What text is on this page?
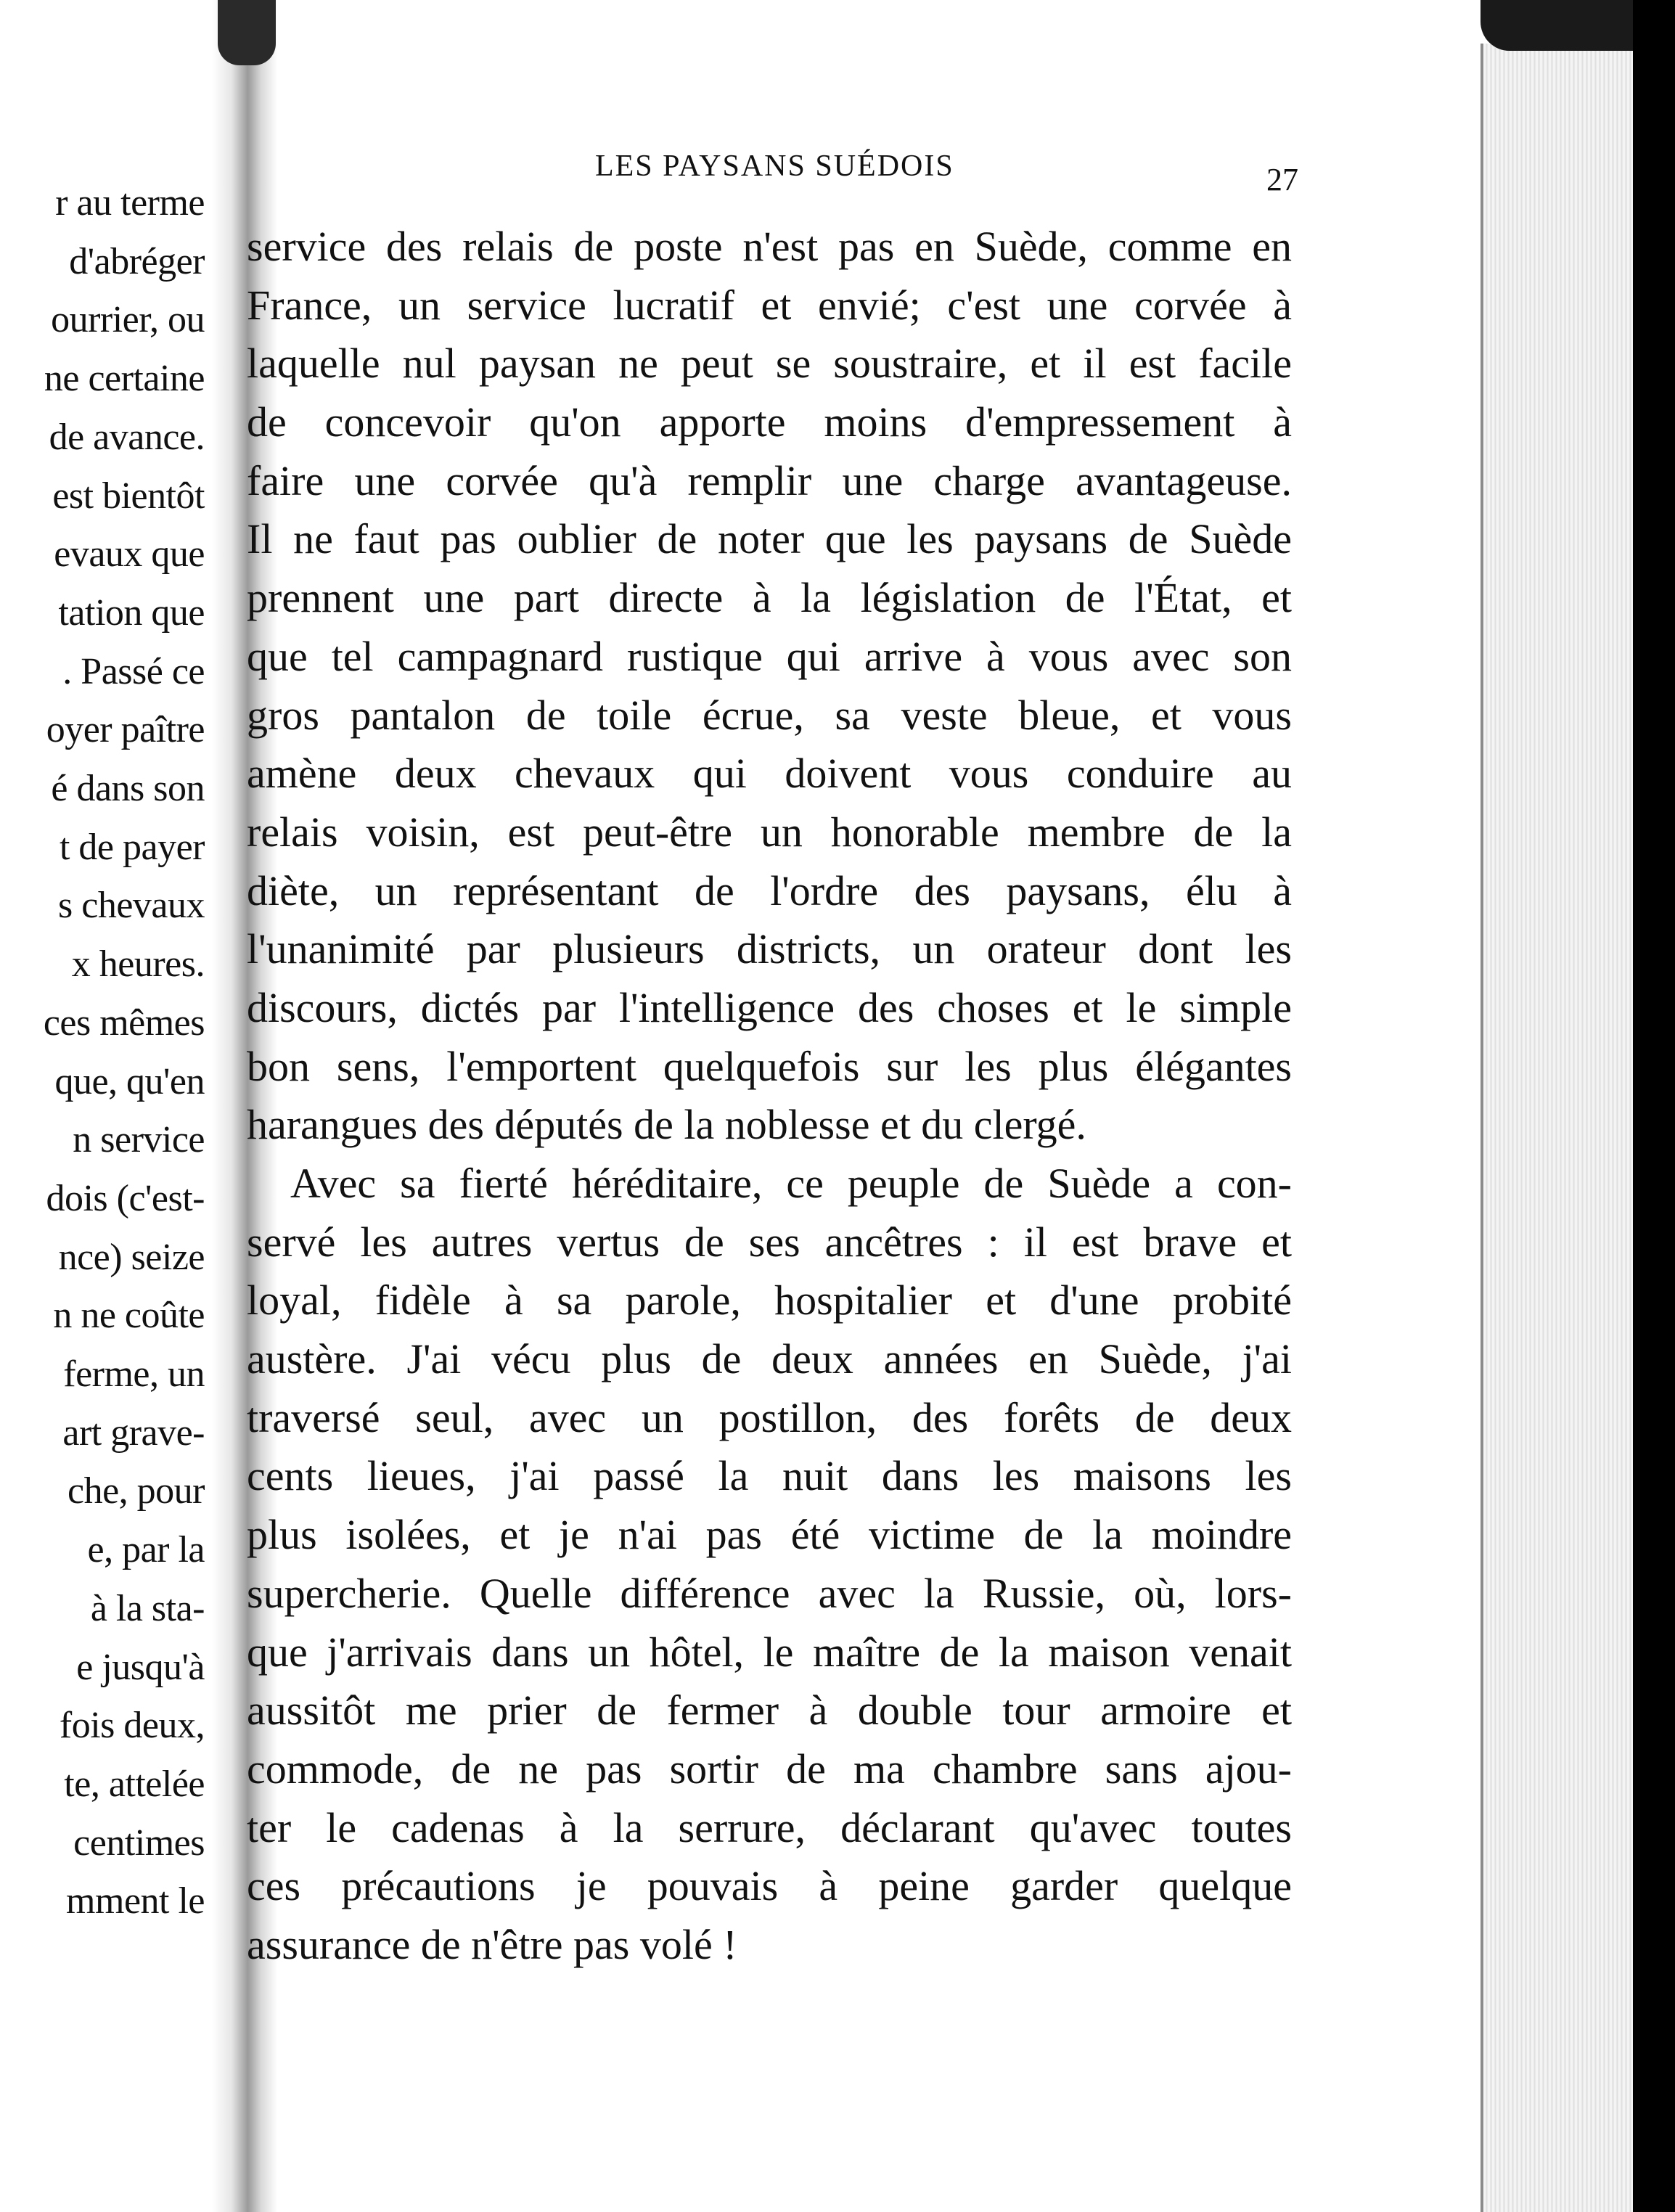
r au terme
d'abréger
ourrier, ou
ne certaine
de avance.
est bientôt
evaux que
tation que
. Passé ce
oyer paître
é dans son
t de payer
s chevaux
x heures.
ces mêmes
que, qu'en
n service
dois (c'est-
nce) seize
n ne coûte
ferme, un
art grave-
che, pour
e, par la
à la sta-
e jusqu'à
fois deux,
te, attelée
centimes
mment le
LES PAYSANS SUÉDOIS	27
service des relais de poste n'est pas en Suède, comme en
France, un service lucratif et envié; c'est une corvée à
laquelle nul paysan ne peut se soustraire, et il est facile
de concevoir qu'on apporte moins d'empressement à
faire une corvée qu'à remplir une charge avantageuse.
Il ne faut pas oublier de noter que les paysans de Suède
prennent une part directe à la législation de l'État, et
que tel campagnard rustique qui arrive à vous avec son
gros pantalon de toile écrue, sa veste bleue, et vous
amène deux chevaux qui doivent vous conduire au
relais voisin, est peut-être un honorable membre de la
diète, un représentant de l'ordre des paysans, élu à
l'unanimité par plusieurs districts, un orateur dont les
discours, dictés par l'intelligence des choses et le simple
bon sens, l'emportent quelquefois sur les plus élégantes
harangues des députés de la noblesse et du clergé.
Avec sa fierté héréditaire, ce peuple de Suède a con-
servé les autres vertus de ses ancêtres : il est brave et
loyal, fidèle à sa parole, hospitalier et d'une probité
austère. J'ai vécu plus de deux années en Suède, j'ai
traversé seul, avec un postillon, des forêts de deux
cents lieues, j'ai passé la nuit dans les maisons les
plus isolées, et je n'ai pas été victime de la moindre
supercherie. Quelle différence avec la Russie, où, lors-
que j'arrivais dans un hôtel, le maître de la maison venait
aussitôt me prier de fermer à double tour armoire et
commode, de ne pas sortir de ma chambre sans ajou-
ter le cadenas à la serrure, déclarant qu'avec toutes
ces précautions je pouvais à peine garder quelque
assurance de n'être pas volé !
